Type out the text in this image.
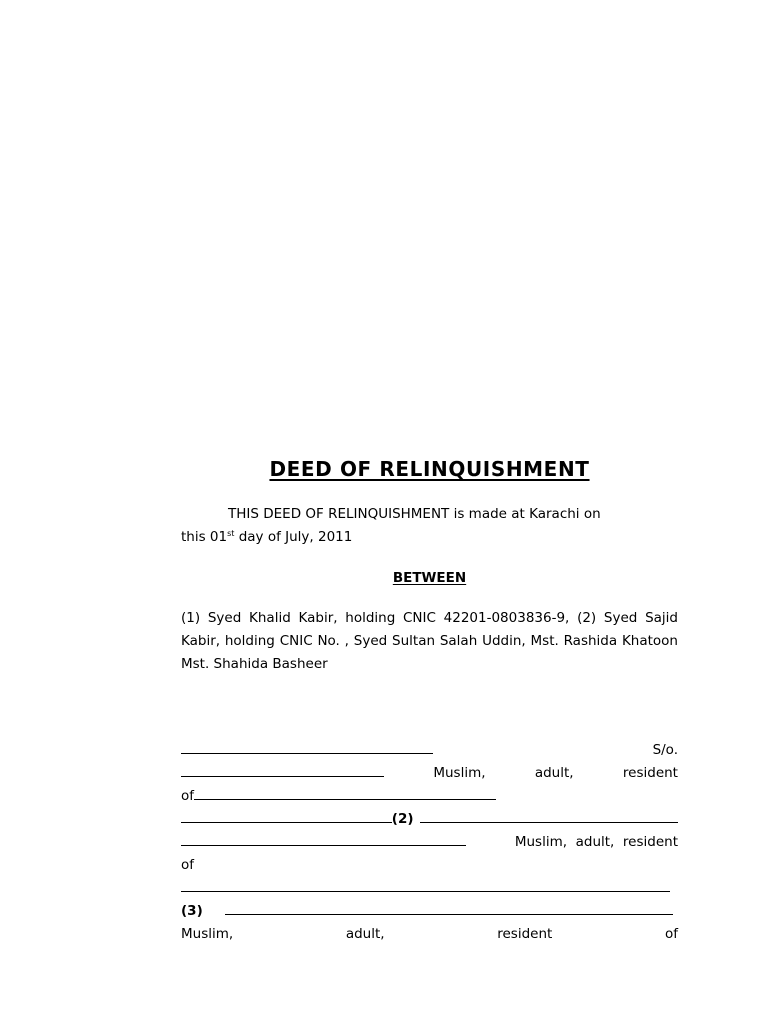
DEED OF RELINQUISHMENT

THIS DEED OF RELINQUISHMENT is made at Karachi on

this 01st day of July, 2011

BETWEEN

(1) Syed Khalid Kabir, holding CNIC 42201-0803836-9, (2) Syed Sajid Kabir, holding CNIC No. , Syed Sultan Salah Uddin, Mst. Rashida Khatoon Mst. Shahida Basheer

S/o.
Muslim,	adult,	resident
of
(2)
Muslim,  adult,  resident
of
(3)
Muslim,	adult,	resident	of
